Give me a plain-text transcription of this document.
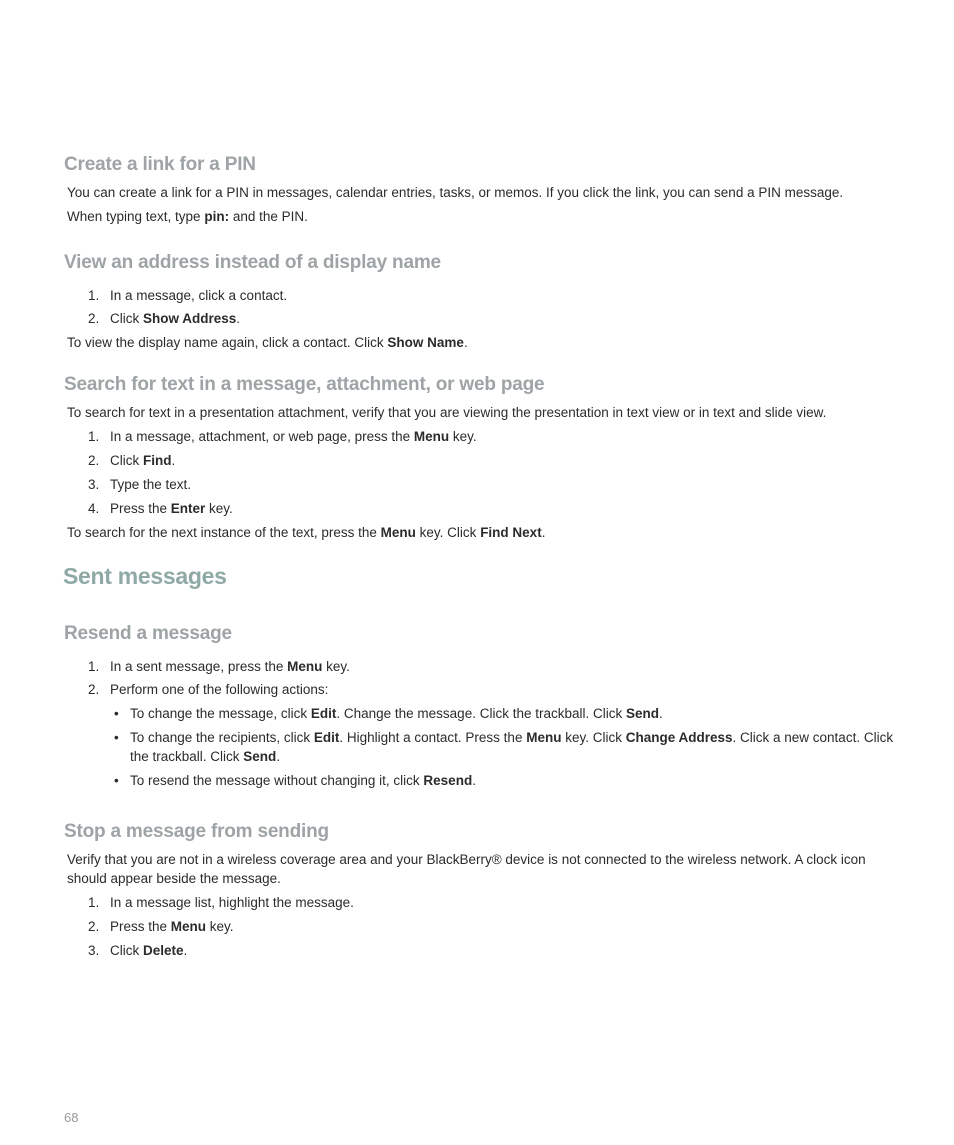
Create a link for a PIN

You can create a link for a PIN in messages, calendar entries, tasks, or memos. If you click the link, you can send a PIN message.

When typing text, type pin: and the PIN.

View an address instead of a display name

1. In a message, click a contact.

2. Click Show Address.

To view the display name again, click a contact. Click Show Name.

Search for text in a message, attachment, or web page

To search for text in a presentation attachment, verify that you are viewing the presentation in text view or in text and slide view.

1. In a message, attachment, or web page, press the Menu key.

2. Click Find.

3. Type the text.

4. Press the Enter key.

To search for the next instance of the text, press the Menu key. Click Find Next.

Sent messages
Resend a message

1. In a sent message, press the Menu key.

2. Perform one of the following actions:

• To change the message, click Edit. Change the message. Click the trackball. Click Send.
• To change the recipients, click Edit. Highlight a contact. Press the Menu key. Click Change Address. Click a new contact. Click the trackball. Click Send.
• To resend the message without changing it, click Resend.
Stop a message from sending

Verify that you are not in a wireless coverage area and your BlackBerry® device is not connected to the wireless network. A clock icon should appear beside the message.

1. In a message list, highlight the message.

2. Press the Menu key.

3. Click Delete.

68
